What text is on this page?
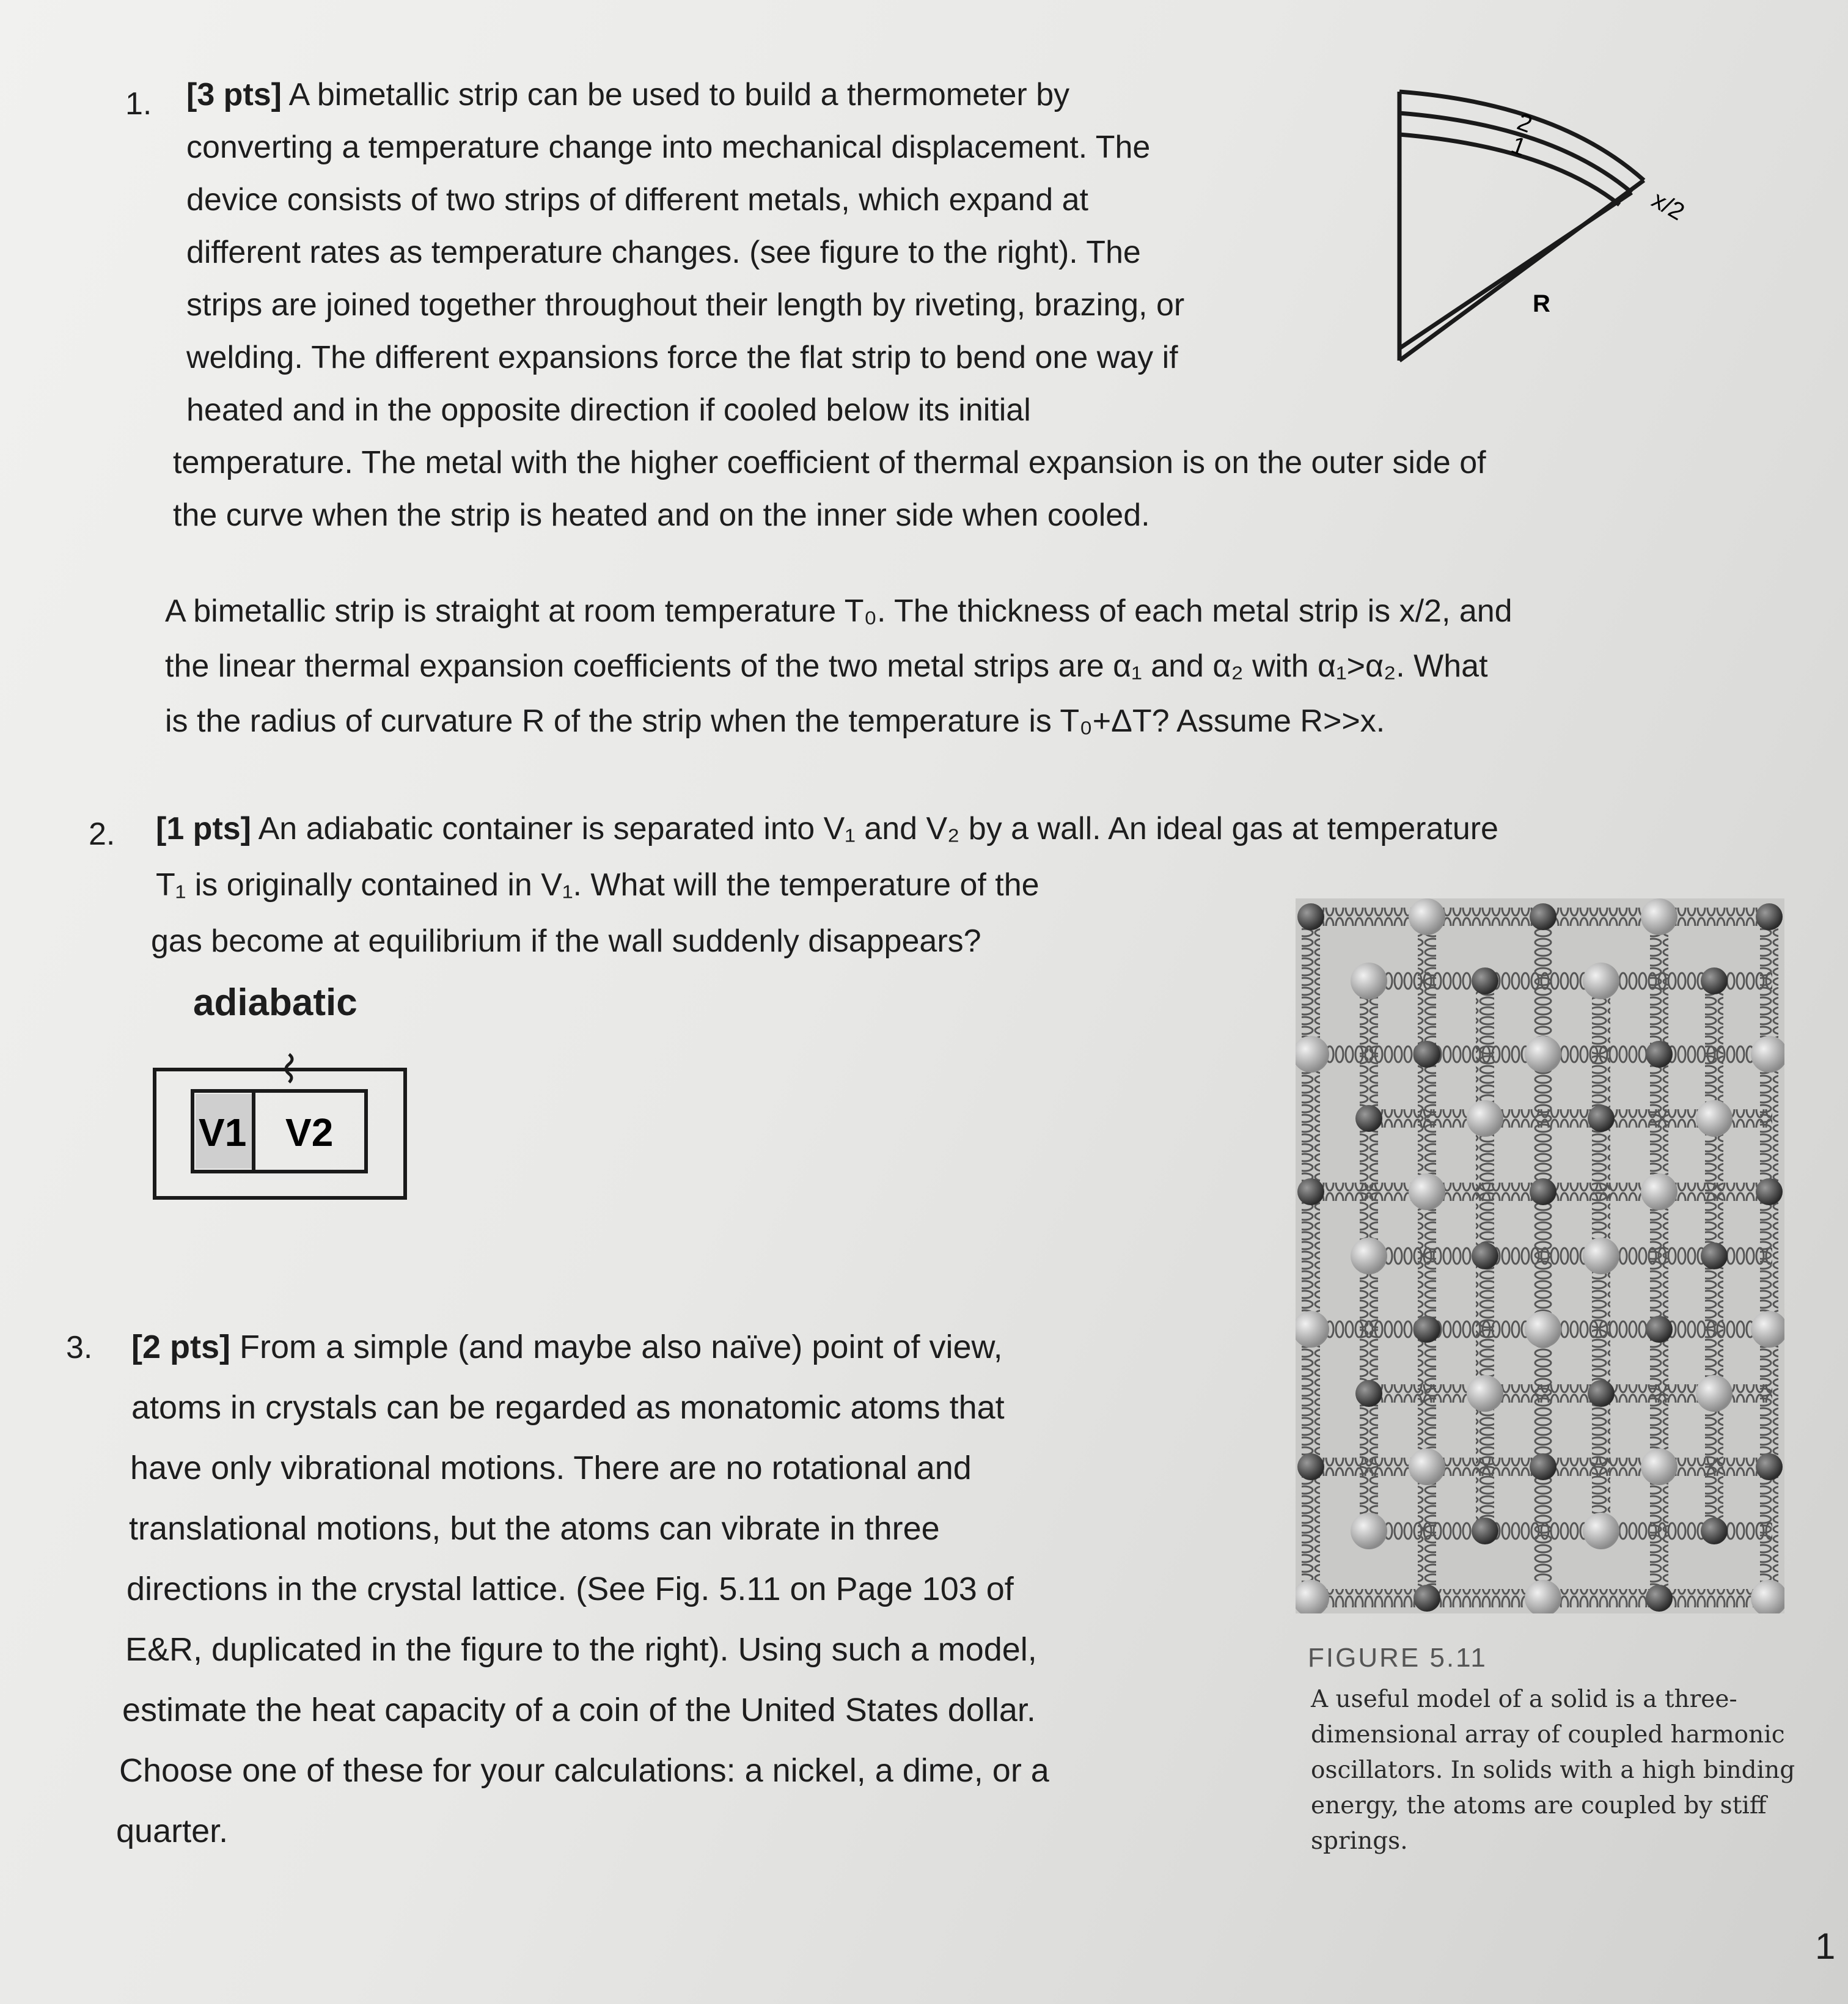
1. [3 pts] A bimetallic strip can be used to build a thermometer by
converting a temperature change into mechanical displacement. The
device consists of two strips of different metals, which expand at
different rates as temperature changes. (see figure to the right). The
strips are joined together throughout their length by riveting, brazing, or
welding. The different expansions force the flat strip to bend one way if
heated and in the opposite direction if cooled below its initial
temperature. The metal with the higher coefficient of thermal expansion is on the outer side of
the curve when the strip is heated and on the inner side when cooled.
2
1
x/2
R
A bimetallic strip is straight at room temperature T₀. The thickness of each metal strip is x/2, and
the linear thermal expansion coefficients of the two metal strips are α₁ and α₂ with α₁>α₂. What
is the radius of curvature R of the strip when the temperature is T₀+ΔT? Assume R>>x.
2. [1 pts] An adiabatic container is separated into V₁ and V₂ by a wall. An ideal gas at temperature
T₁ is originally contained in V₁. What will the temperature of the
gas become at equilibrium if the wall suddenly disappears?
adiabatic
V1 V2
3. [2 pts] From a simple (and maybe also naïve) point of view,
atoms in crystals can be regarded as monatomic atoms that
have only vibrational motions. There are no rotational and
translational motions, but the atoms can vibrate in three
directions in the crystal lattice. (See Fig. 5.11 on Page 103 of
E&R, duplicated in the figure to the right). Using such a model,
estimate the heat capacity of a coin of the United States dollar.
Choose one of these for your calculations: a nickel, a dime, or a
quarter.
FIGURE 5.11
A useful model of a solid is a three-dimensional array of coupled harmonic oscillators. In solids with a high binding energy, the atoms are coupled by stiff springs.
1
